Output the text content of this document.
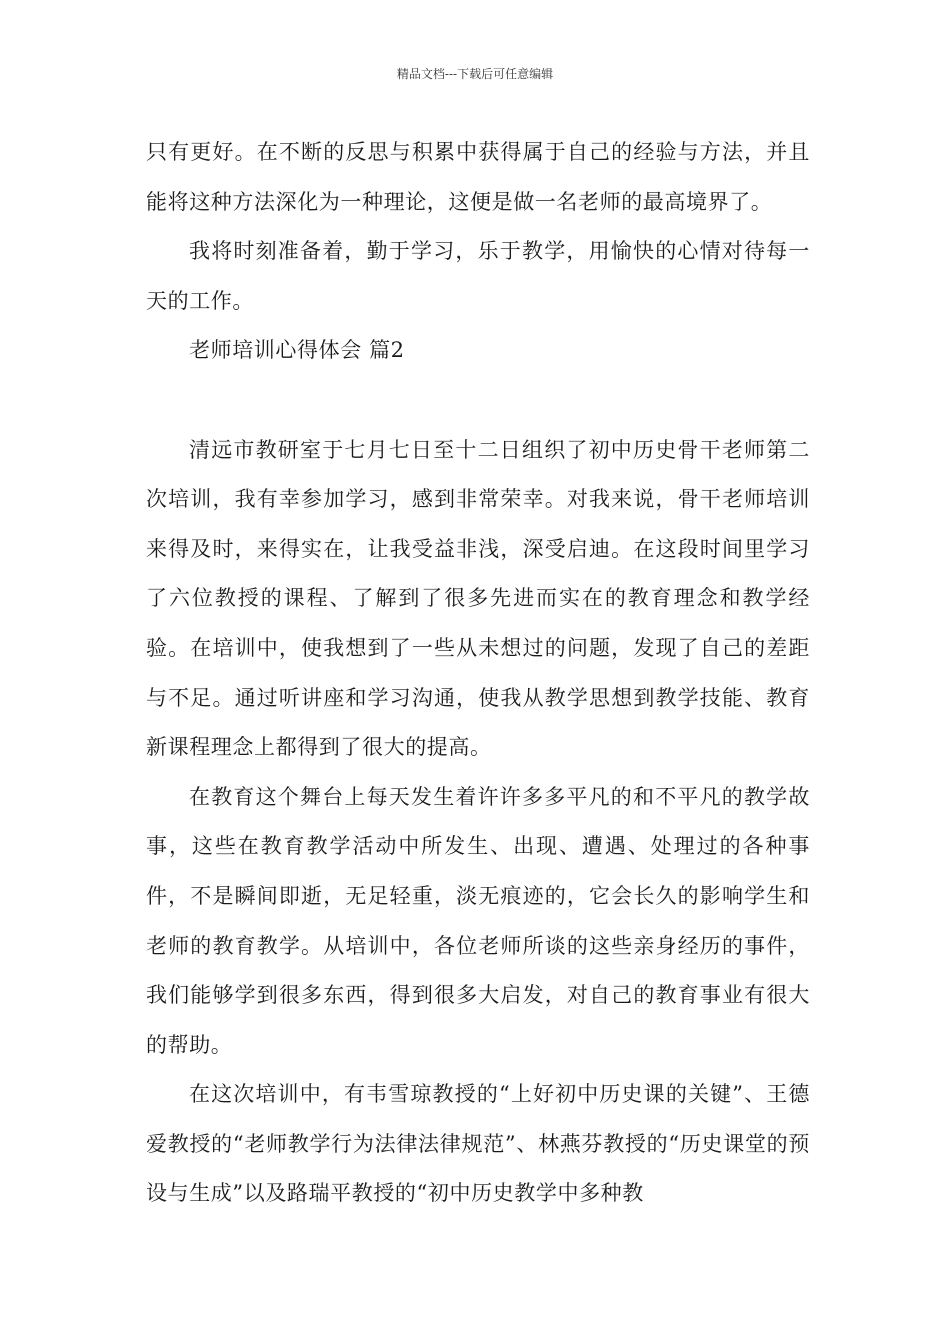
精品文档---下载后可任意编辑

只有更好。在不断的反思与积累中获得属于自己的经验与方法，并且能将这种方法深化为一种理论，这便是做一名老师的最高境界了。

我将时刻准备着，勤于学习，乐于教学，用愉快的心情对待每一天的工作。

老师培训心得体会 篇2

清远市教研室于七月七日至十二日组织了初中历史骨干老师第二次培训，我有幸参加学习，感到非常荣幸。对我来说，骨干老师培训来得及时，来得实在，让我受益非浅，深受启迪。在这段时间里学习了六位教授的课程、了解到了很多先进而实在的教育理念和教学经验。在培训中，使我想到了一些从未想过的问题，发现了自己的差距与不足。通过听讲座和学习沟通，使我从教学思想到教学技能、教育新课程理念上都得到了很大的提高。

在教育这个舞台上每天发生着许许多多平凡的和不平凡的教学故事，这些在教育教学活动中所发生、出现、遭遇、处理过的各种事件，不是瞬间即逝，无足轻重，淡无痕迹的，它会长久的影响学生和老师的教育教学。从培训中，各位老师所谈的这些亲身经历的事件，我们能够学到很多东西，得到很多大启发，对自己的教育事业有很大的帮助。

在这次培训中，有韦雪琼教授的“上好初中历史课的关键”、王德爱教授的“老师教学行为法律法律规范”、林燕芬教授的“历史课堂的预设与生成”以及路瑞平教授的“初中历史教学中多种教
